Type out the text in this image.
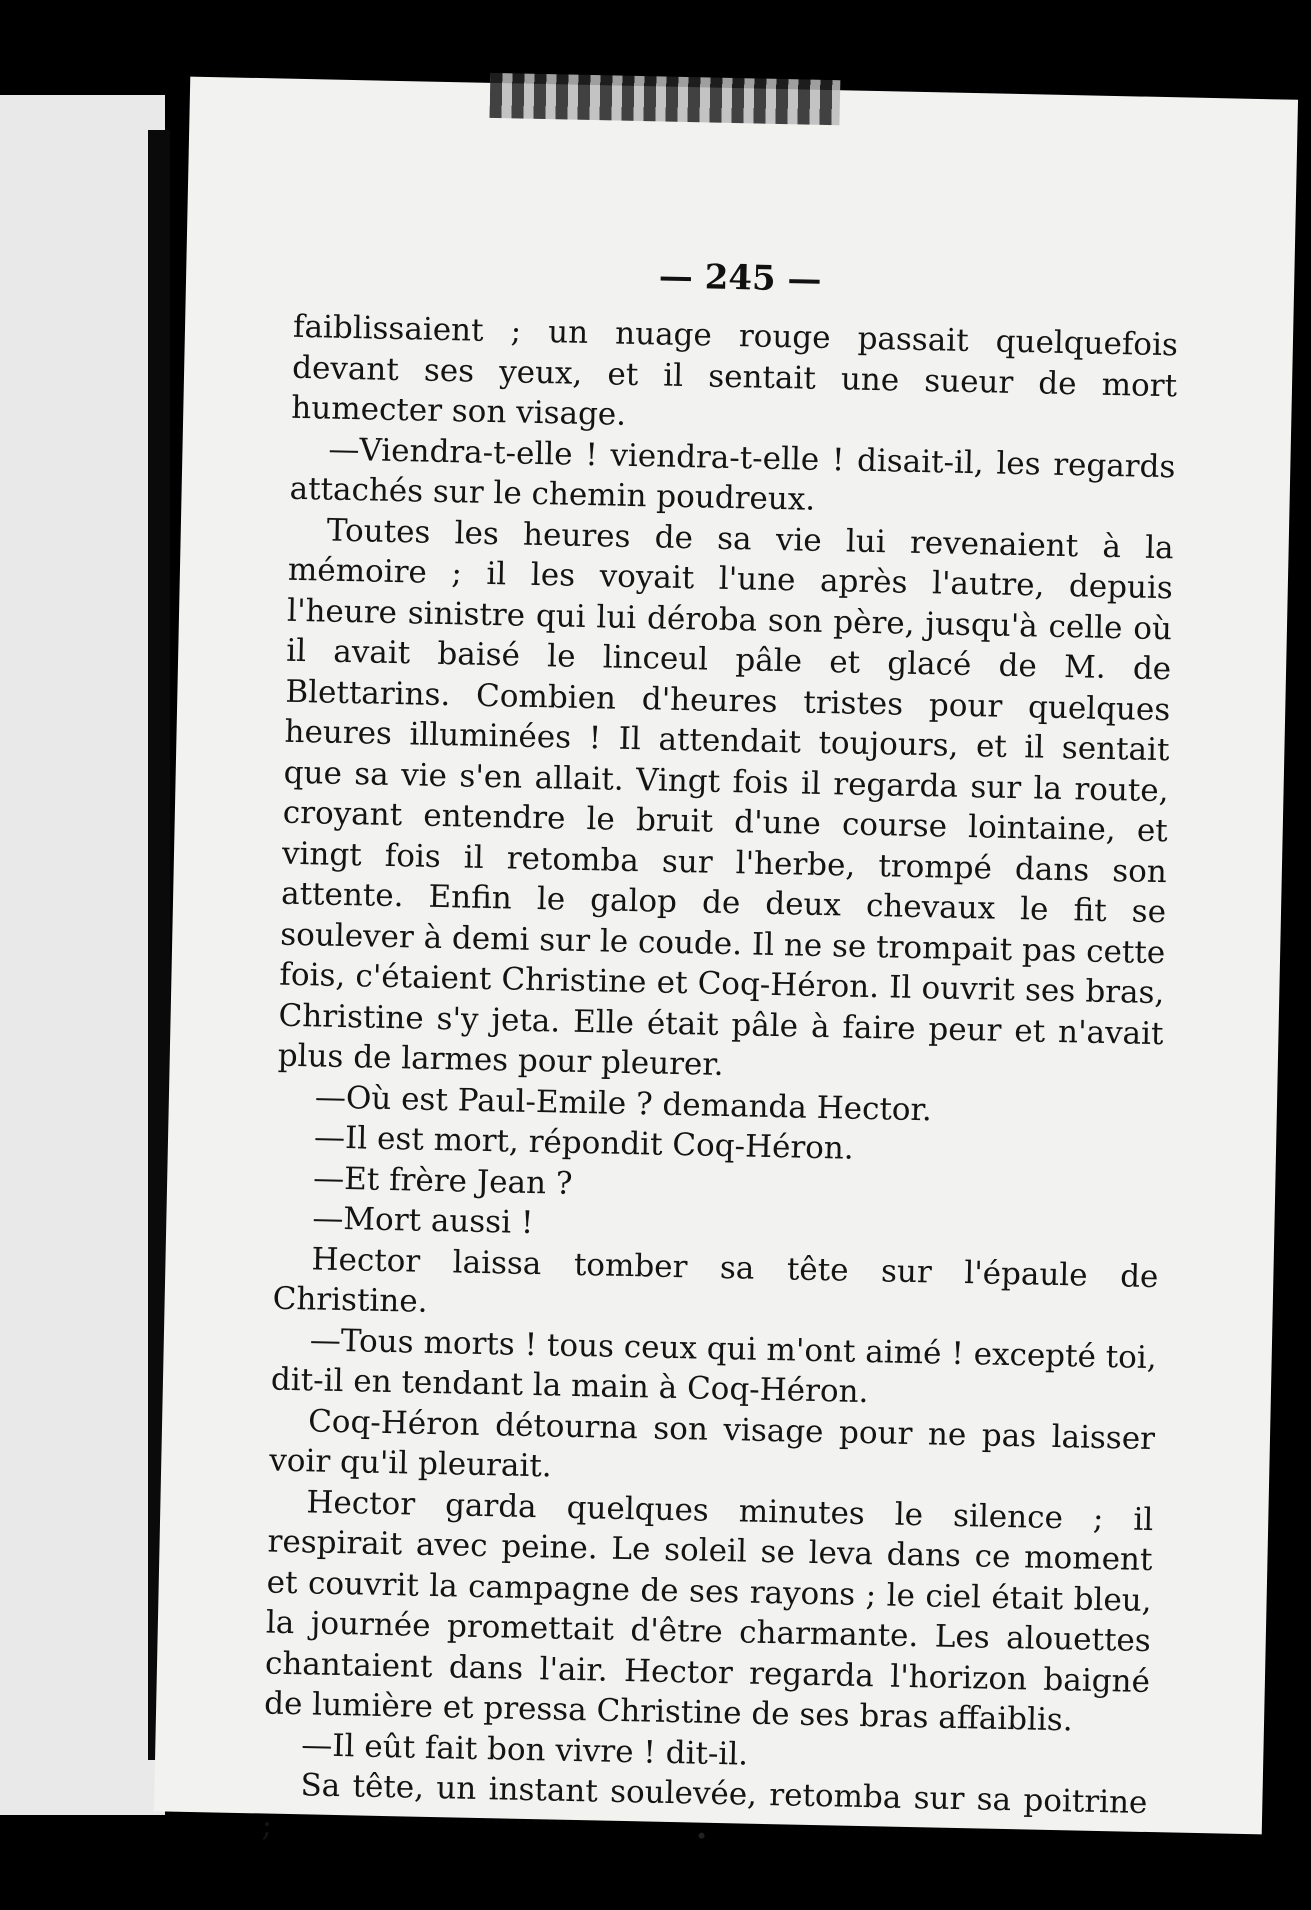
— 245 —

faiblissaient ; un nuage rouge passait quelquefois devant ses yeux, et il sentait une sueur de mort humecter son visage.

—Viendra-t-elle ! viendra-t-elle ! disait-il, les regards attachés sur le chemin poudreux.

Toutes les heures de sa vie lui revenaient à la mémoire ; il les voyait l'une après l'autre, depuis l'heure sinistre qui lui déroba son père, jusqu'à celle où il avait baisé le linceul pâle et glacé de M. de Blettarins. Combien d'heures tristes pour quelques heures illuminées ! Il attendait toujours, et il sentait que sa vie s'en allait. Vingt fois il regarda sur la route, croyant entendre le bruit d'une course lointaine, et vingt fois il retomba sur l'herbe, trompé dans son attente. Enfin le galop de deux chevaux le fit se soulever à demi sur le coude. Il ne se trompait pas cette fois, c'étaient Christine et Coq-Héron. Il ouvrit ses bras, Christine s'y jeta. Elle était pâle à faire peur et n'avait plus de larmes pour pleurer.

—Où est Paul-Emile ? demanda Hector.

—Il est mort, répondit Coq-Héron.

—Et frère Jean ?

—Mort aussi !

Hector laissa tomber sa tête sur l'épaule de Christine.

—Tous morts ! tous ceux qui m'ont aimé ! excepté toi, dit-il en tendant la main à Coq-Héron.

Coq-Héron détourna son visage pour ne pas laisser voir qu'il pleurait.

Hector garda quelques minutes le silence ; il respirait avec peine. Le soleil se leva dans ce moment et couvrit la campagne de ses rayons ; le ciel était bleu, la journée promettait d'être charmante. Les alouettes chantaient dans l'air. Hector regarda l'horizon baigné de lumière et pressa Christine de ses bras affaiblis.

—Il eût fait bon vivre ! dit-il.

Sa tête, un instant soulevée, retomba sur sa poitrine ;
